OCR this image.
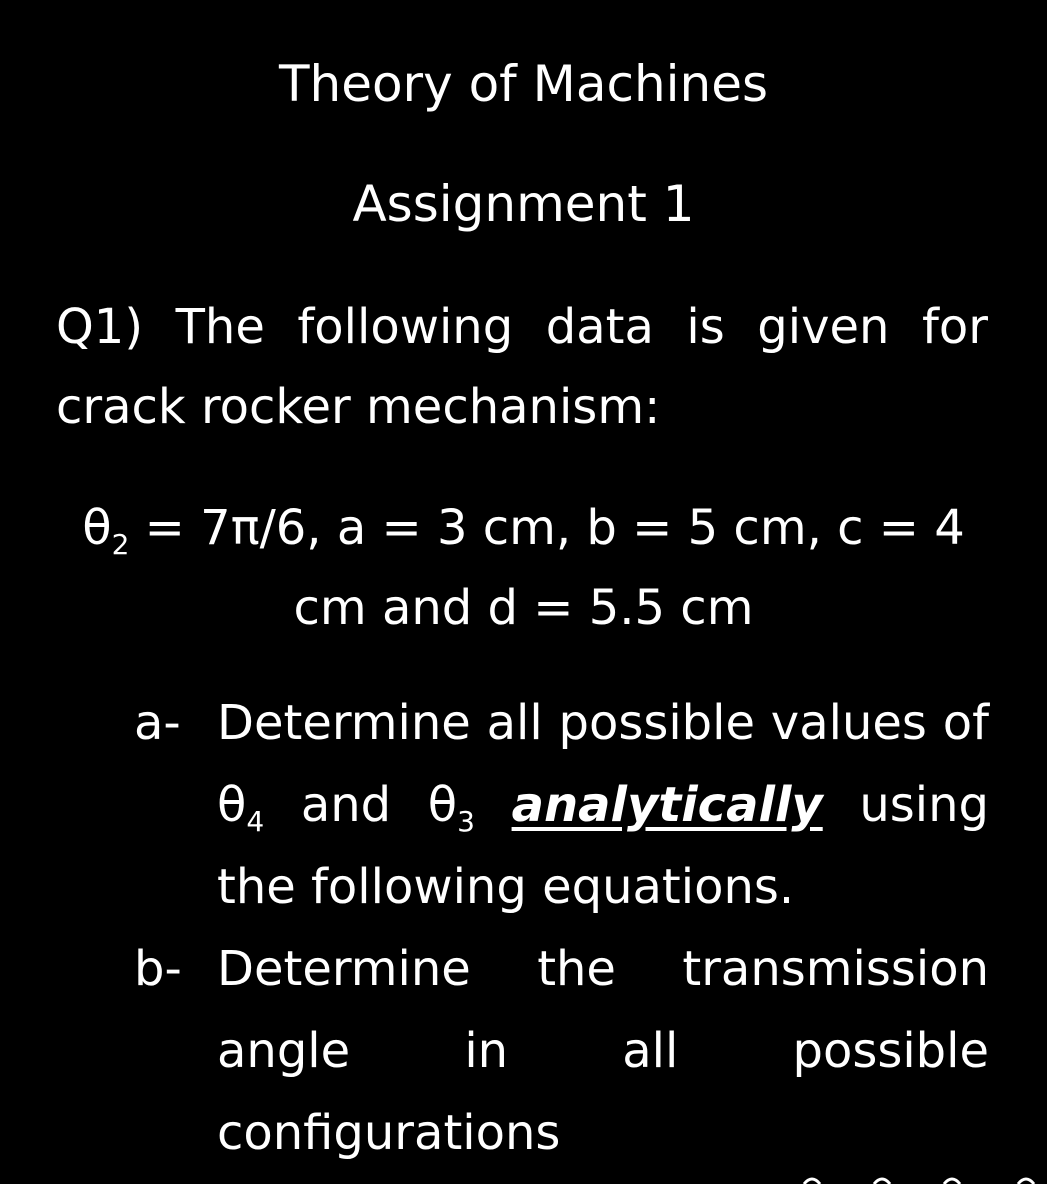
Theory of Machines
Assignment 1
Q1) The following data is given for crack rocker mechanism:
$\theta_2 = 7\pi/6$, a = 3 cm, b = 5 cm, c = 4 cm and d = 5.5 cm
a- Determine all possible values of $\theta_4$ and $\theta_3$ analytically using the following equations.
b- Determine the transmission angle in all possible configurations
